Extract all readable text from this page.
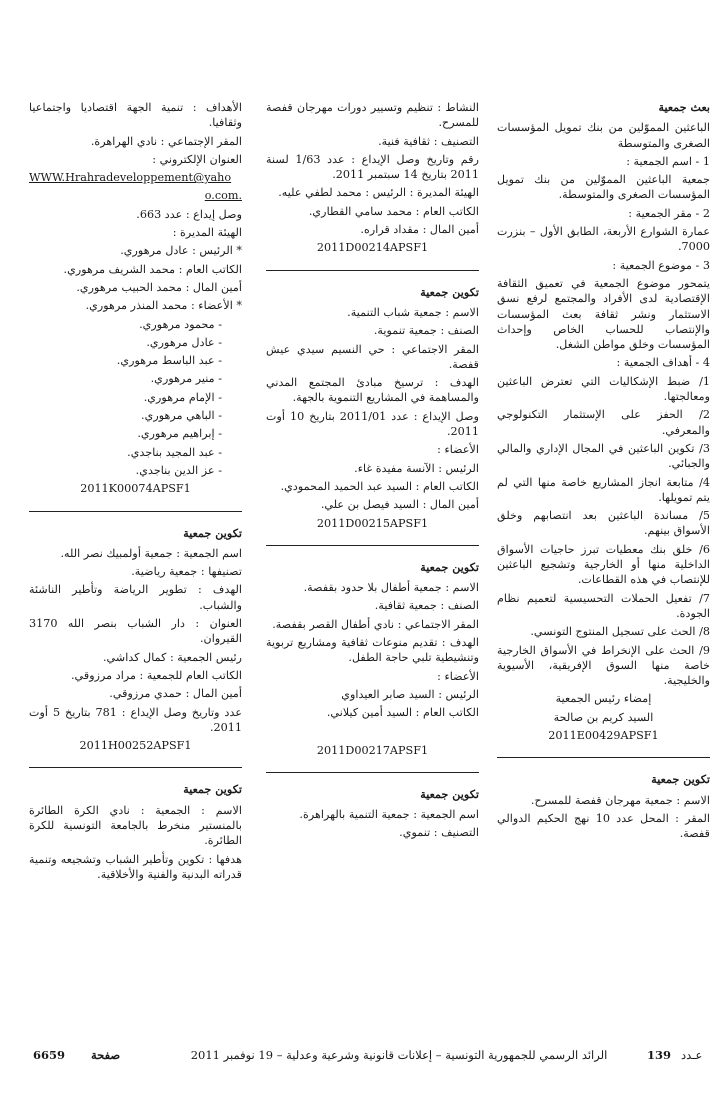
بعث جمعية

الباعثين المموّلين من بنك تمويل المؤسسات الصغرى والمتوسطة

1 - اسم الجمعية :

جمعية الباعثين المموّلين من بنك تمويل المؤسسات الصغرى والمتوسطة.

2 - مقر الجمعية :

عمارة الشوارع الأربعة، الطابق الأول – بنزرت 7000.

3 - موضوع الجمعية :

يتمحور موضوع الجمعية في تعميق الثقافة الإقتصادية لدى الأفراد والمجتمع لرفع نسق الاستثمار ونشر ثقافة بعث المؤسسات والإنتصاب للحساب الخاص وإحداث المؤسسات وخلق مواطن الشغل.

4 - أهداف الجمعية :

1/ ضبط الإشكاليات التي تعترض الباعثين ومعالجتها.

2/ الحفز على الإستثمار التكنولوجي والمعرفي.

3/ تكوين الباعثين في المجال الإداري والمالي والجبائي.

4/ متابعة انجاز المشاريع خاصة منها التي لم يتم تمويلها.

5/ مساندة الباعثين بعد انتصابهم وخلق الأسواق بينهم.

6/ خلق بنك معطيات تبرز حاجيات الأسواق الداخلية منها أو الخارجية وتشجيع الباعثين للإنتصاب في هذه القطاعات.

7/ تفعيل الحملات التحسيسية لتعميم نظام الجودة.

8/ الحث على تسجيل المنتوج التونسي.

9/ الحث على الإنخراط في الأسواق الخارجية خاصة منها السوق الإفريقية، الأسيوية والخليجية.

إمضاء رئيس الجمعية

السيد كريم بن صالحة

2011E00429APSF1

تكوين جمعية

الاسم : جمعية مهرجان قفصة للمسرح.

المقر : المحل عدد 10 نهج الحكيم الدوالي قفصة.

النشاط : تنظيم وتسيير دورات مهرجان قفصة للمسرح.

التصنيف : ثقافية فنية.

رقم وتاريخ وصل الإيداع : عدد 1/63 لسنة 2011 بتاريخ 14 سبتمبر 2011.

الهيئة المديرة : الرئيس : محمد لطفي عليه.

الكاتب العام : محمد سامي القطاري.

أمين المال : مقداد قراره.

2011D00214APSF1

تكوين جمعية

الاسم : جمعية شباب التنمية.

الصنف : جمعية تنموية.

المقر الاجتماعي : حي النسيم سيدي عيش قفصة.

الهدف : ترسيخ مبادئ المجتمع المدني والمساهمة في المشاريع التنموية بالجهة.

وصل الإيداع : عدد 2011/01 بتاريخ 10 أوت 2011.

الأعضاء :

الرئيس : الآنسة مفيدة غاء.

الكاتب العام : السيد عبد الحميد المحمودي.

أمين المال : السيد فيصل بن علي.

2011D00215APSF1

تكوين جمعية

الاسم : جمعية أطفال بلا حدود بقفصة.

الصنف : جمعية ثقافية.

المقر الاجتماعي : نادي أطفال القصر بقفصة.

الهدف : تقديم منوعات ثقافية ومشاريع تربوية وتنشيطية تلبي حاجة الطفل.

الأعضاء :

الرئيس : السيد صابر العيداوي

الكاتب العام : السيد أمين كيلاني.

2011D00217APSF1

تكوين جمعية

اسم الجمعية : جمعية التنمية بالهراهرة.

التصنيف : تنموي.

الأهداف : تنمية الجهة اقتصاديا واجتماعيا وثقافيا.

المقر الإجتماعي : نادي الهراهرة.

العنوان الإلكتروني :

WWW.Hrahradeveloppement@yaho

o.com.

وصل إيداع : عدد 663.

الهيئة المديرة :

* الرئيس : عادل مرهوري.

الكاتب العام : محمد الشريف مرهوري.

أمين المال : محمد الحبيب مرهوري.

* الأعضاء : محمد المنذر مرهوري.

- محمود مرهوري.

- عادل مرهوري.

- عبد الباسط مرهوري.

- منير مرهوري.

- الإمام مرهوري.

- الباهي مرهوري.

- إبراهيم مرهوري.

- عبد المجيد بناجدي.

- عز الدين بناجدي.

2011K00074APSF1

تكوين جمعية

اسم الجمعية : جمعية أولمبيك نصر الله.

تصنيفها : جمعية رياضية.

الهدف : تطوير الرياضة وتأطير الناشئة والشباب.

العنوان : دار الشباب بنصر الله 3170 القيروان.

رئيس الجمعية : كمال كداشي.

الكاتب العام للجمعية : مراد مرزوقي.

أمين المال : حمدي مرزوقي.

عدد وتاريخ وصل الإيداع : 781 بتاريخ 5 أوت 2011.

2011H00252APSF1

تكوين جمعية

الاسم : الجمعية : نادي الكرة الطائرة بالمنستير منخرط بالجامعة التونسية للكرة الطائرة.

هدفها : تكوين وتأطير الشباب وتشجيعه وتنمية قدراته البدنية والفنية والأخلاقية.

6659 صفحة	الرائد الرسمي للجمهورية التونسية – إعلانات قانونية وشرعية وعدلية – 19 نوفمبر 2011	139 عـدد
